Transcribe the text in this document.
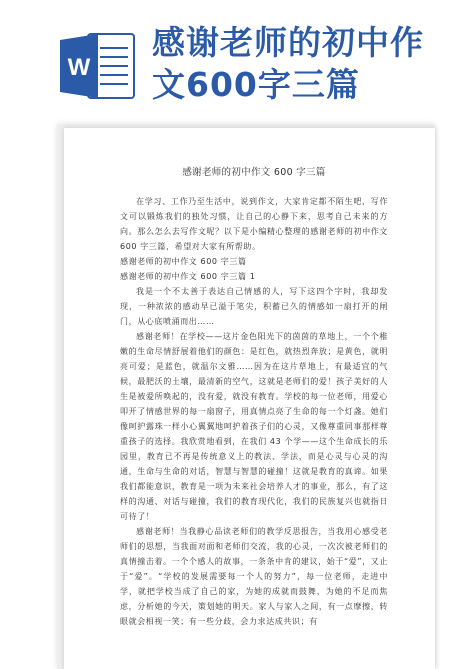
W
感谢老师的初中作
文600字三篇
感谢老师的初中作文 600 字三篇

在学习、工作乃至生活中，说到作文，大家肯定都不陌生吧，写作文可以锻炼我们的独处习惯，让自己的心静下来，思考自己未来的方向。那么怎么去写作文呢？以下是小编精心整理的感谢老师的初中作文 600 字三篇，希望对大家有所帮助。

感谢老师的初中作文 600 字三篇

感谢老师的初中作文 600 字三篇 1

我是一个不太善于表达自己情感的人，写下这四个字时，我却发现，一种浓浓的感动早已溢于笔尖，积蓄已久的情感如一扇打开的闸门，从心底喷涌而出……

感谢老师！在学校——这片金色阳光下的茵茵的草地上，一个个稚嫩的生命尽情舒展着他们的颜色：是红色，就热烈奔放；是黄色，就明亮可爱；是蓝色，就温尔文雅……因为在这片草地上，有最适宜的气候，最肥沃的土壤，最清新的空气，这就是老师们的爱！孩子美好的人生是被爱所唤起的，没有爱，就没有教育。学校的每一位老师，用爱心叩开了情感世界的每一扇窗子，用真情点亮了生命的每一个灯盏。她们像呵护露珠一样小心翼翼地呵护着孩子们的心灵，又像尊重同事那样尊重孩子的选择。我欣赏地看到，在我们 43 个学——这个生命成长的乐园里，教育已不再是传统意义上的教法、学法，而是心灵与心灵的沟通，生命与生命的对话，智慧与智慧的碰撞！这就是教育的真谛。如果我们都能意识，教育是一项为未来社会培养人才的事业，那么，有了这样的沟通、对话与碰撞，我们的教育现代化，我们的民族复兴也就指日可待了！

感谢老师！当我静心品读老师们的教学反思报告，当我用心感受老师们的思想，当我面对面和老师们交流，我的心灵，一次次被老师们的真情撞击着。一个个感人的故事，一条条中肯的建议，始于“爱”，又止于“爱”。“学校的发展需要每一个人的努力”，每一位老师，走进中学，就把学校当成了自己的家，为她的成就而鼓舞，为她的不足而焦虑，分析她的今天，策划她的明天。家人与家人之间，有一点摩擦，转眼就会相视一笑；有一些分歧，会力求达成共识；有
